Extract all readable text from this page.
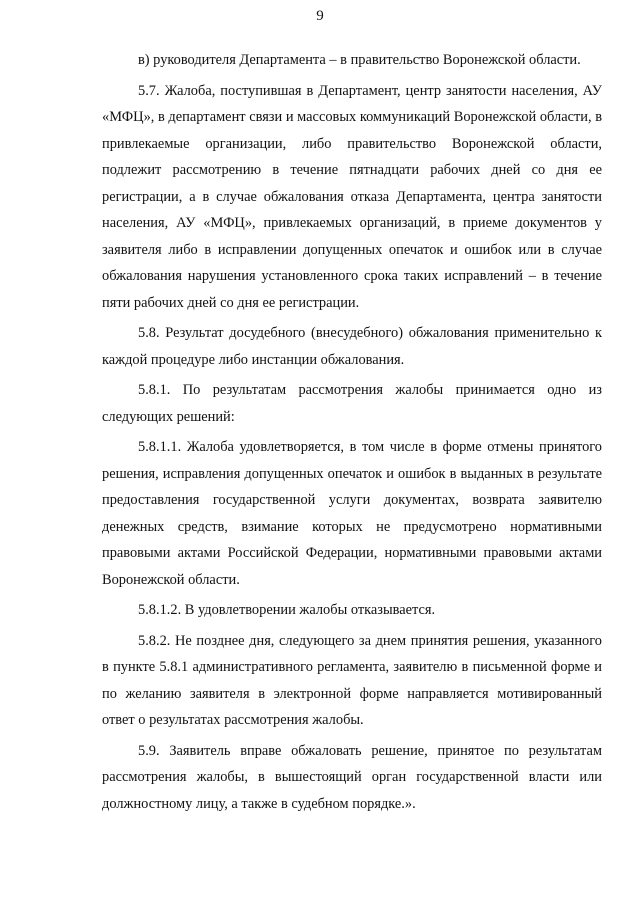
9

в) руководителя Департамента – в правительство Воронежской области.

5.7. Жалоба, поступившая в Департамент, центр занятости населения, АУ «МФЦ», в департамент связи и массовых коммуникаций Воронежской области, в привлекаемые организации, либо правительство Воронежской области, подлежит рассмотрению в течение пятнадцати рабочих дней со дня ее регистрации, а в случае обжалования отказа Департамента, центра занятости населения, АУ «МФЦ», привлекаемых организаций, в приеме документов у заявителя либо в исправлении допущенных опечаток и ошибок или в случае обжалования нарушения установленного срока таких исправлений – в течение пяти рабочих дней со дня ее регистрации.

5.8. Результат досудебного (внесудебного) обжалования применительно к каждой процедуре либо инстанции обжалования.

5.8.1. По результатам рассмотрения жалобы принимается одно из следующих решений:

5.8.1.1. Жалоба удовлетворяется, в том числе в форме отмены принятого решения, исправления допущенных опечаток и ошибок в выданных в результате предоставления государственной услуги документах, возврата заявителю денежных средств, взимание которых не предусмотрено нормативными правовыми актами Российской Федерации, нормативными правовыми актами Воронежской области.

5.8.1.2. В удовлетворении жалобы отказывается.

5.8.2. Не позднее дня, следующего за днем принятия решения, указанного в пункте 5.8.1 административного регламента, заявителю в письменной форме и по желанию заявителя в электронной форме направляется мотивированный ответ о результатах рассмотрения жалобы.

5.9. Заявитель вправе обжаловать решение, принятое по результатам рассмотрения жалобы, в вышестоящий орган государственной власти или должностному лицу, а также в судебном порядке.».
